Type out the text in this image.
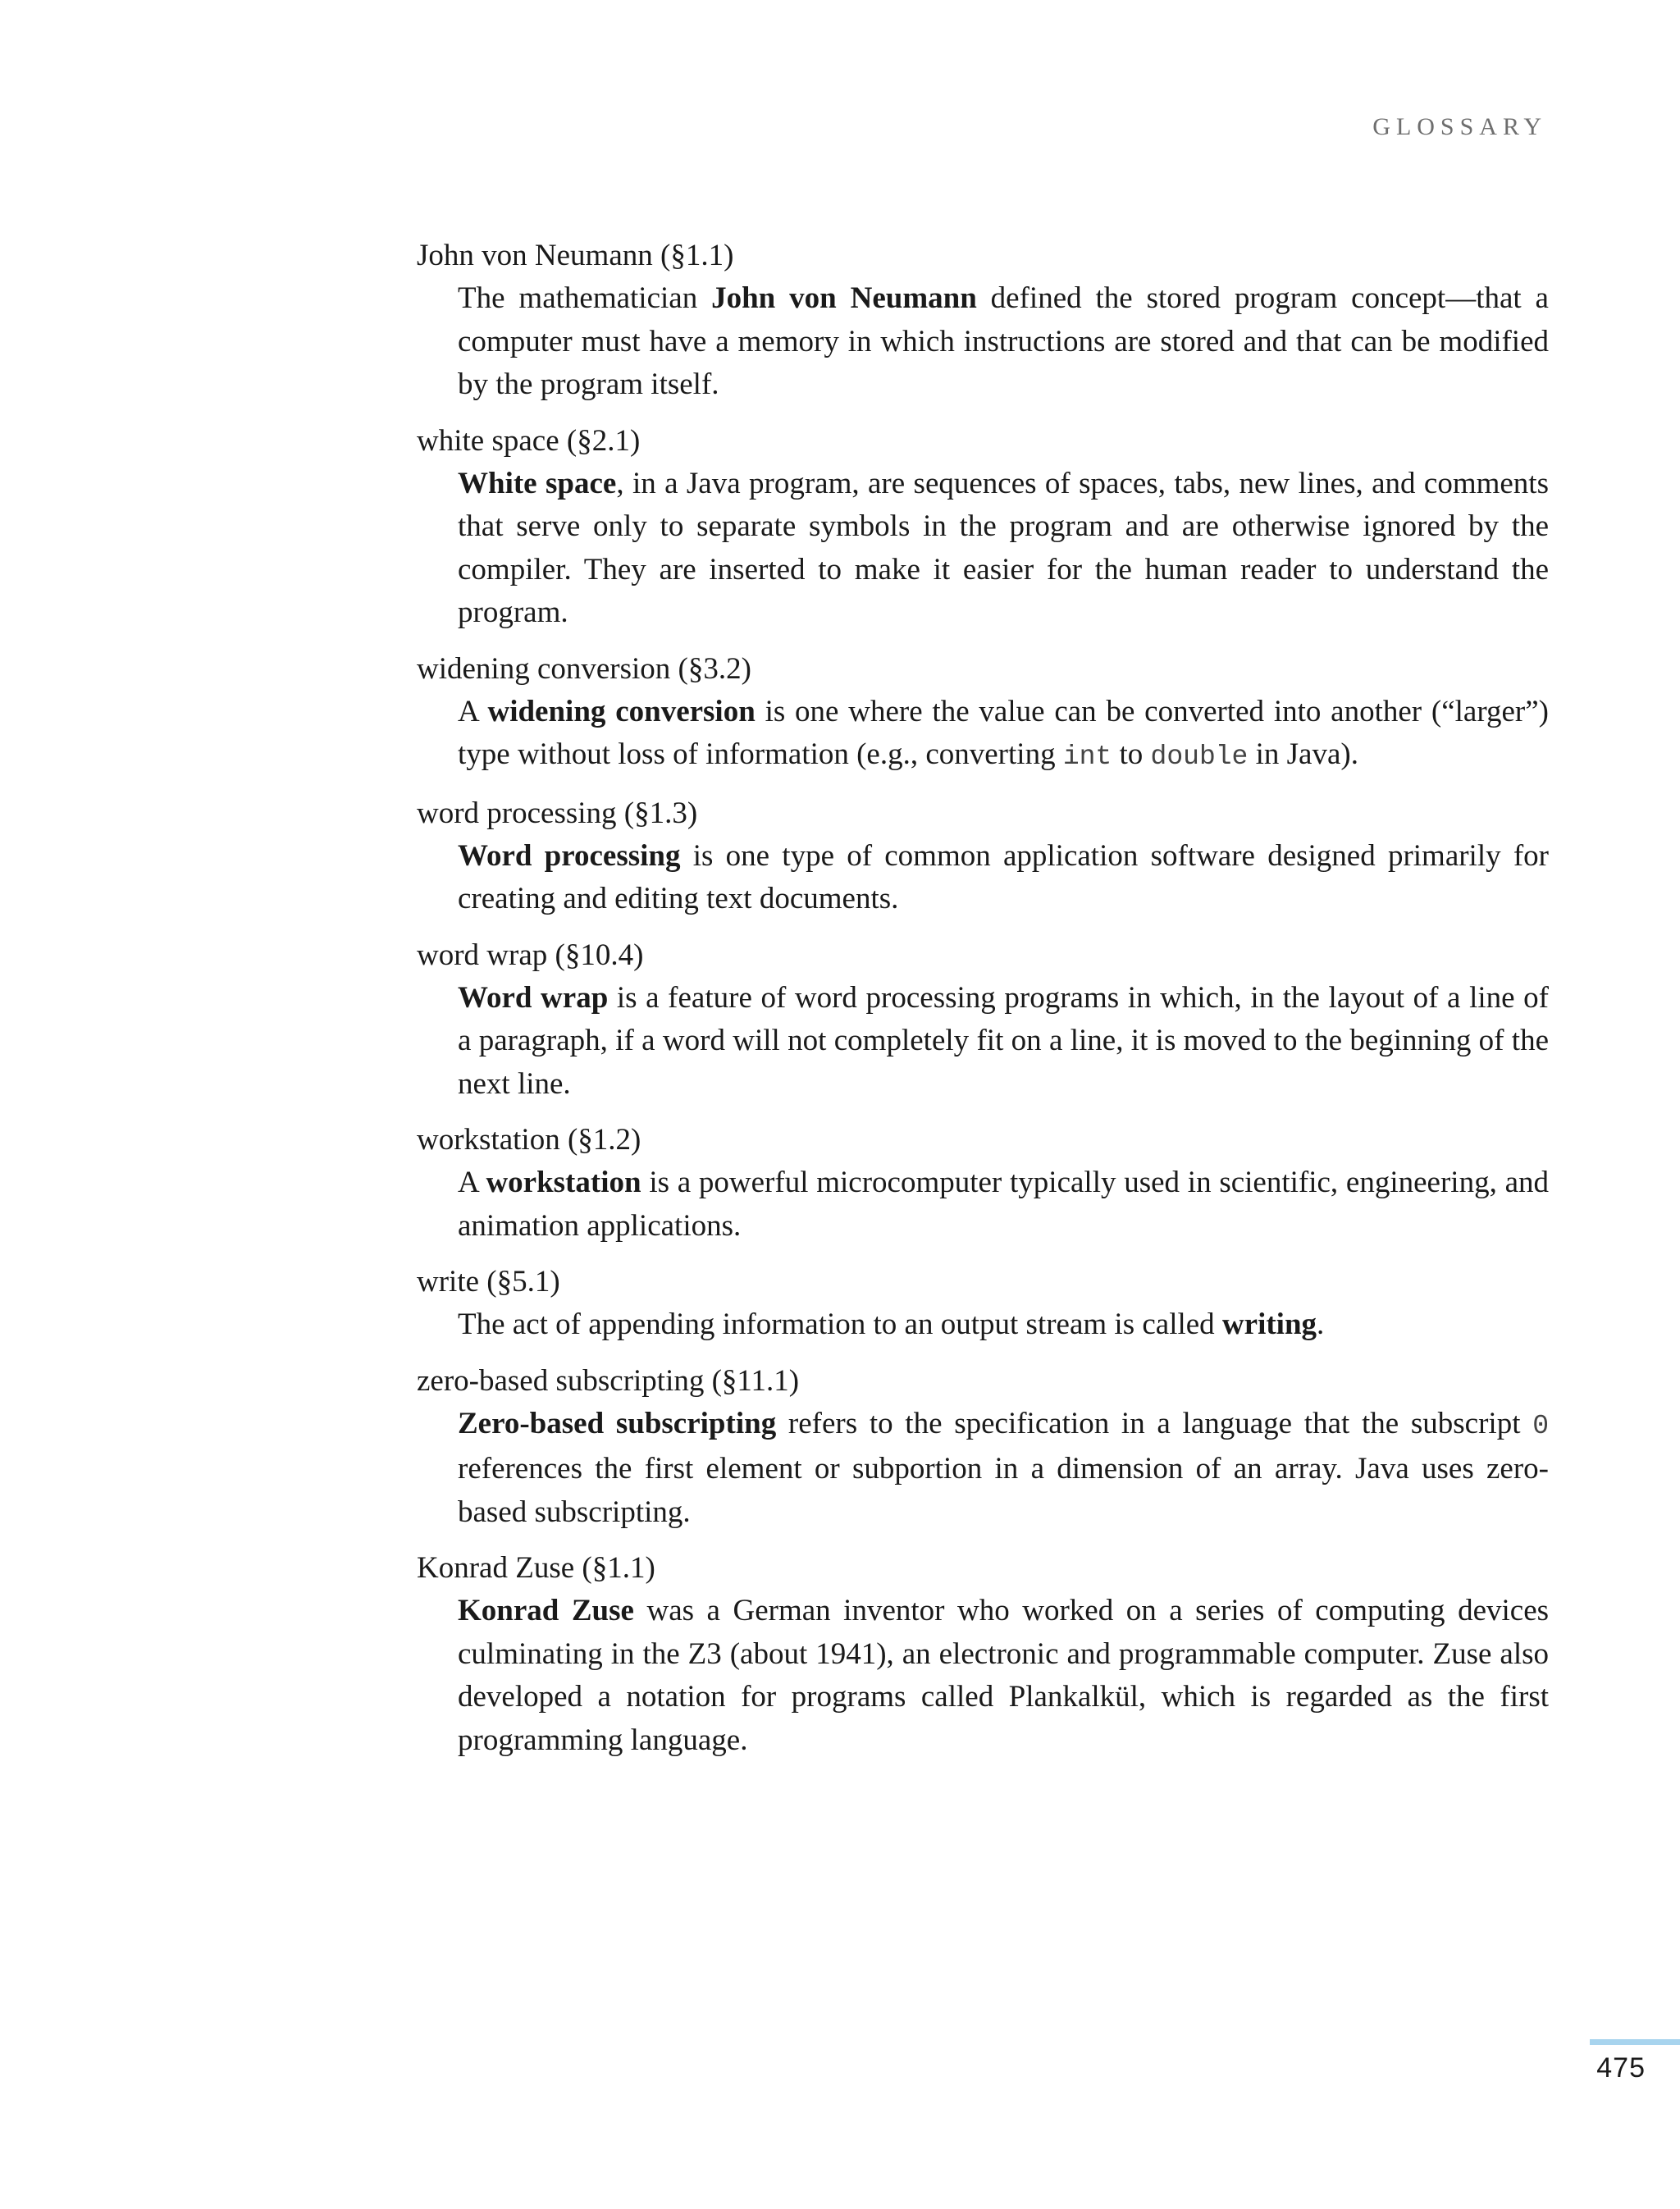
GLOSSARY
John von Neumann (§1.1)
The mathematician John von Neumann defined the stored program concept—that a computer must have a memory in which instructions are stored and that can be modified by the program itself.
white space (§2.1)
White space, in a Java program, are sequences of spaces, tabs, new lines, and comments that serve only to separate symbols in the program and are otherwise ignored by the compiler. They are inserted to make it easier for the human reader to understand the program.
widening conversion (§3.2)
A widening conversion is one where the value can be converted into another (“larger”) type without loss of information (e.g., converting int to double in Java).
word processing (§1.3)
Word processing is one type of common application software designed primarily for creating and editing text documents.
word wrap (§10.4)
Word wrap is a feature of word processing programs in which, in the layout of a line of a paragraph, if a word will not completely fit on a line, it is moved to the beginning of the next line.
workstation (§1.2)
A workstation is a powerful microcomputer typically used in scientific, engineering, and animation applications.
write (§5.1)
The act of appending information to an output stream is called writing.
zero-based subscripting (§11.1)
Zero-based subscripting refers to the specification in a language that the subscript 0 references the first element or subportion in a dimension of an array. Java uses zero-based subscripting.
Konrad Zuse (§1.1)
Konrad Zuse was a German inventor who worked on a series of computing devices culminating in the Z3 (about 1941), an electronic and programmable computer. Zuse also developed a notation for programs called Plankalkül, which is regarded as the first programming language.
475
